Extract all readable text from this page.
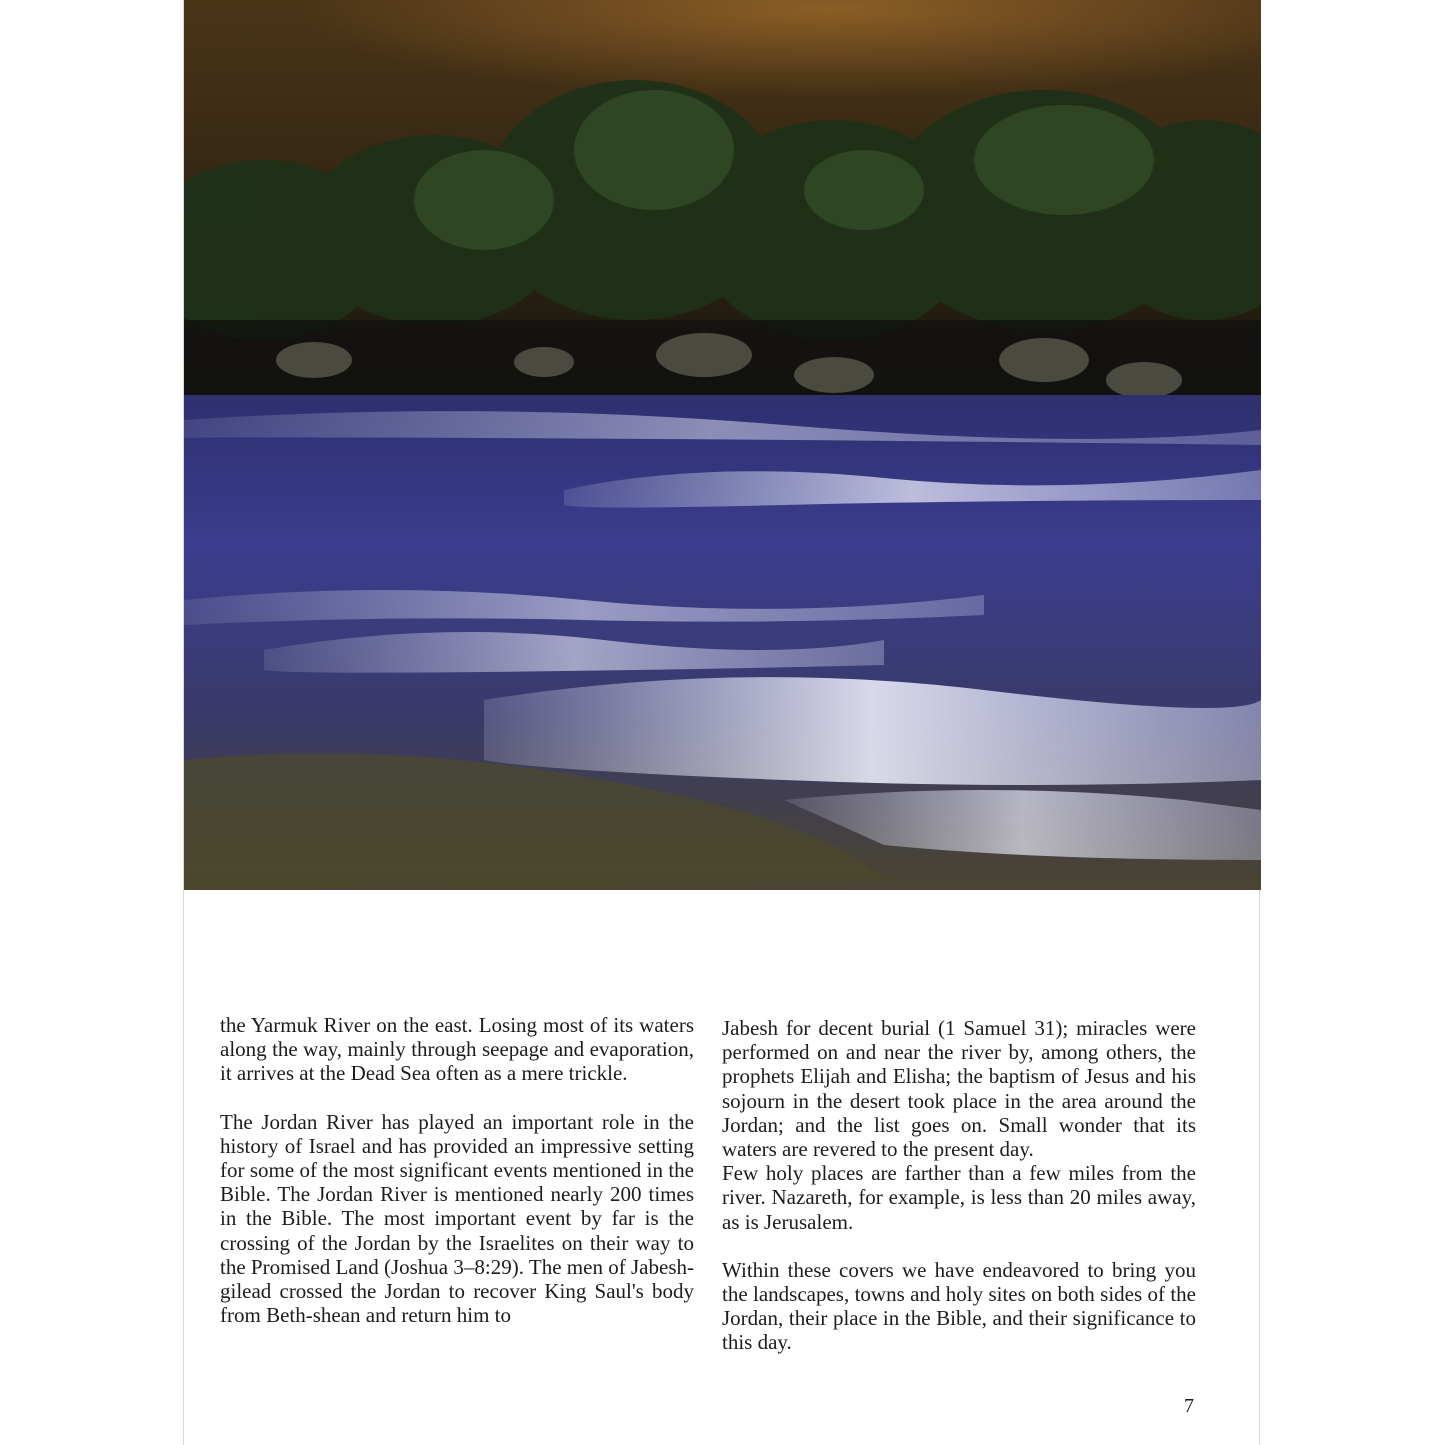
the Yarmuk River on the east. Losing most of its waters along the way, mainly through seepage and evaporation, it arrives at the Dead Sea often as a mere trickle.

The Jordan River has played an important role in the history of Israel and has provided an impressive setting for some of the most significant events mentioned in the Bible. The Jordan River is mentioned nearly 200 times in the Bible. The most important event by far is the crossing of the Jordan by the Israelites on their way to the Promised Land (Joshua 3–8:29). The men of Jabesh-gilead crossed the Jordan to recover King Saul's body from Beth-shean and return him to

Jabesh for decent burial (1 Samuel 31); miracles were performed on and near the river by, among others, the prophets Elijah and Elisha; the baptism of Jesus and his sojourn in the desert took place in the area around the Jordan; and the list goes on. Small wonder that its waters are revered to the present day.

Few holy places are farther than a few miles from the river. Nazareth, for example, is less than 20 miles away, as is Jerusalem.

Within these covers we have endeavored to bring you the landscapes, towns and holy sites on both sides of the Jordan, their place in the Bible, and their significance to this day.

7
